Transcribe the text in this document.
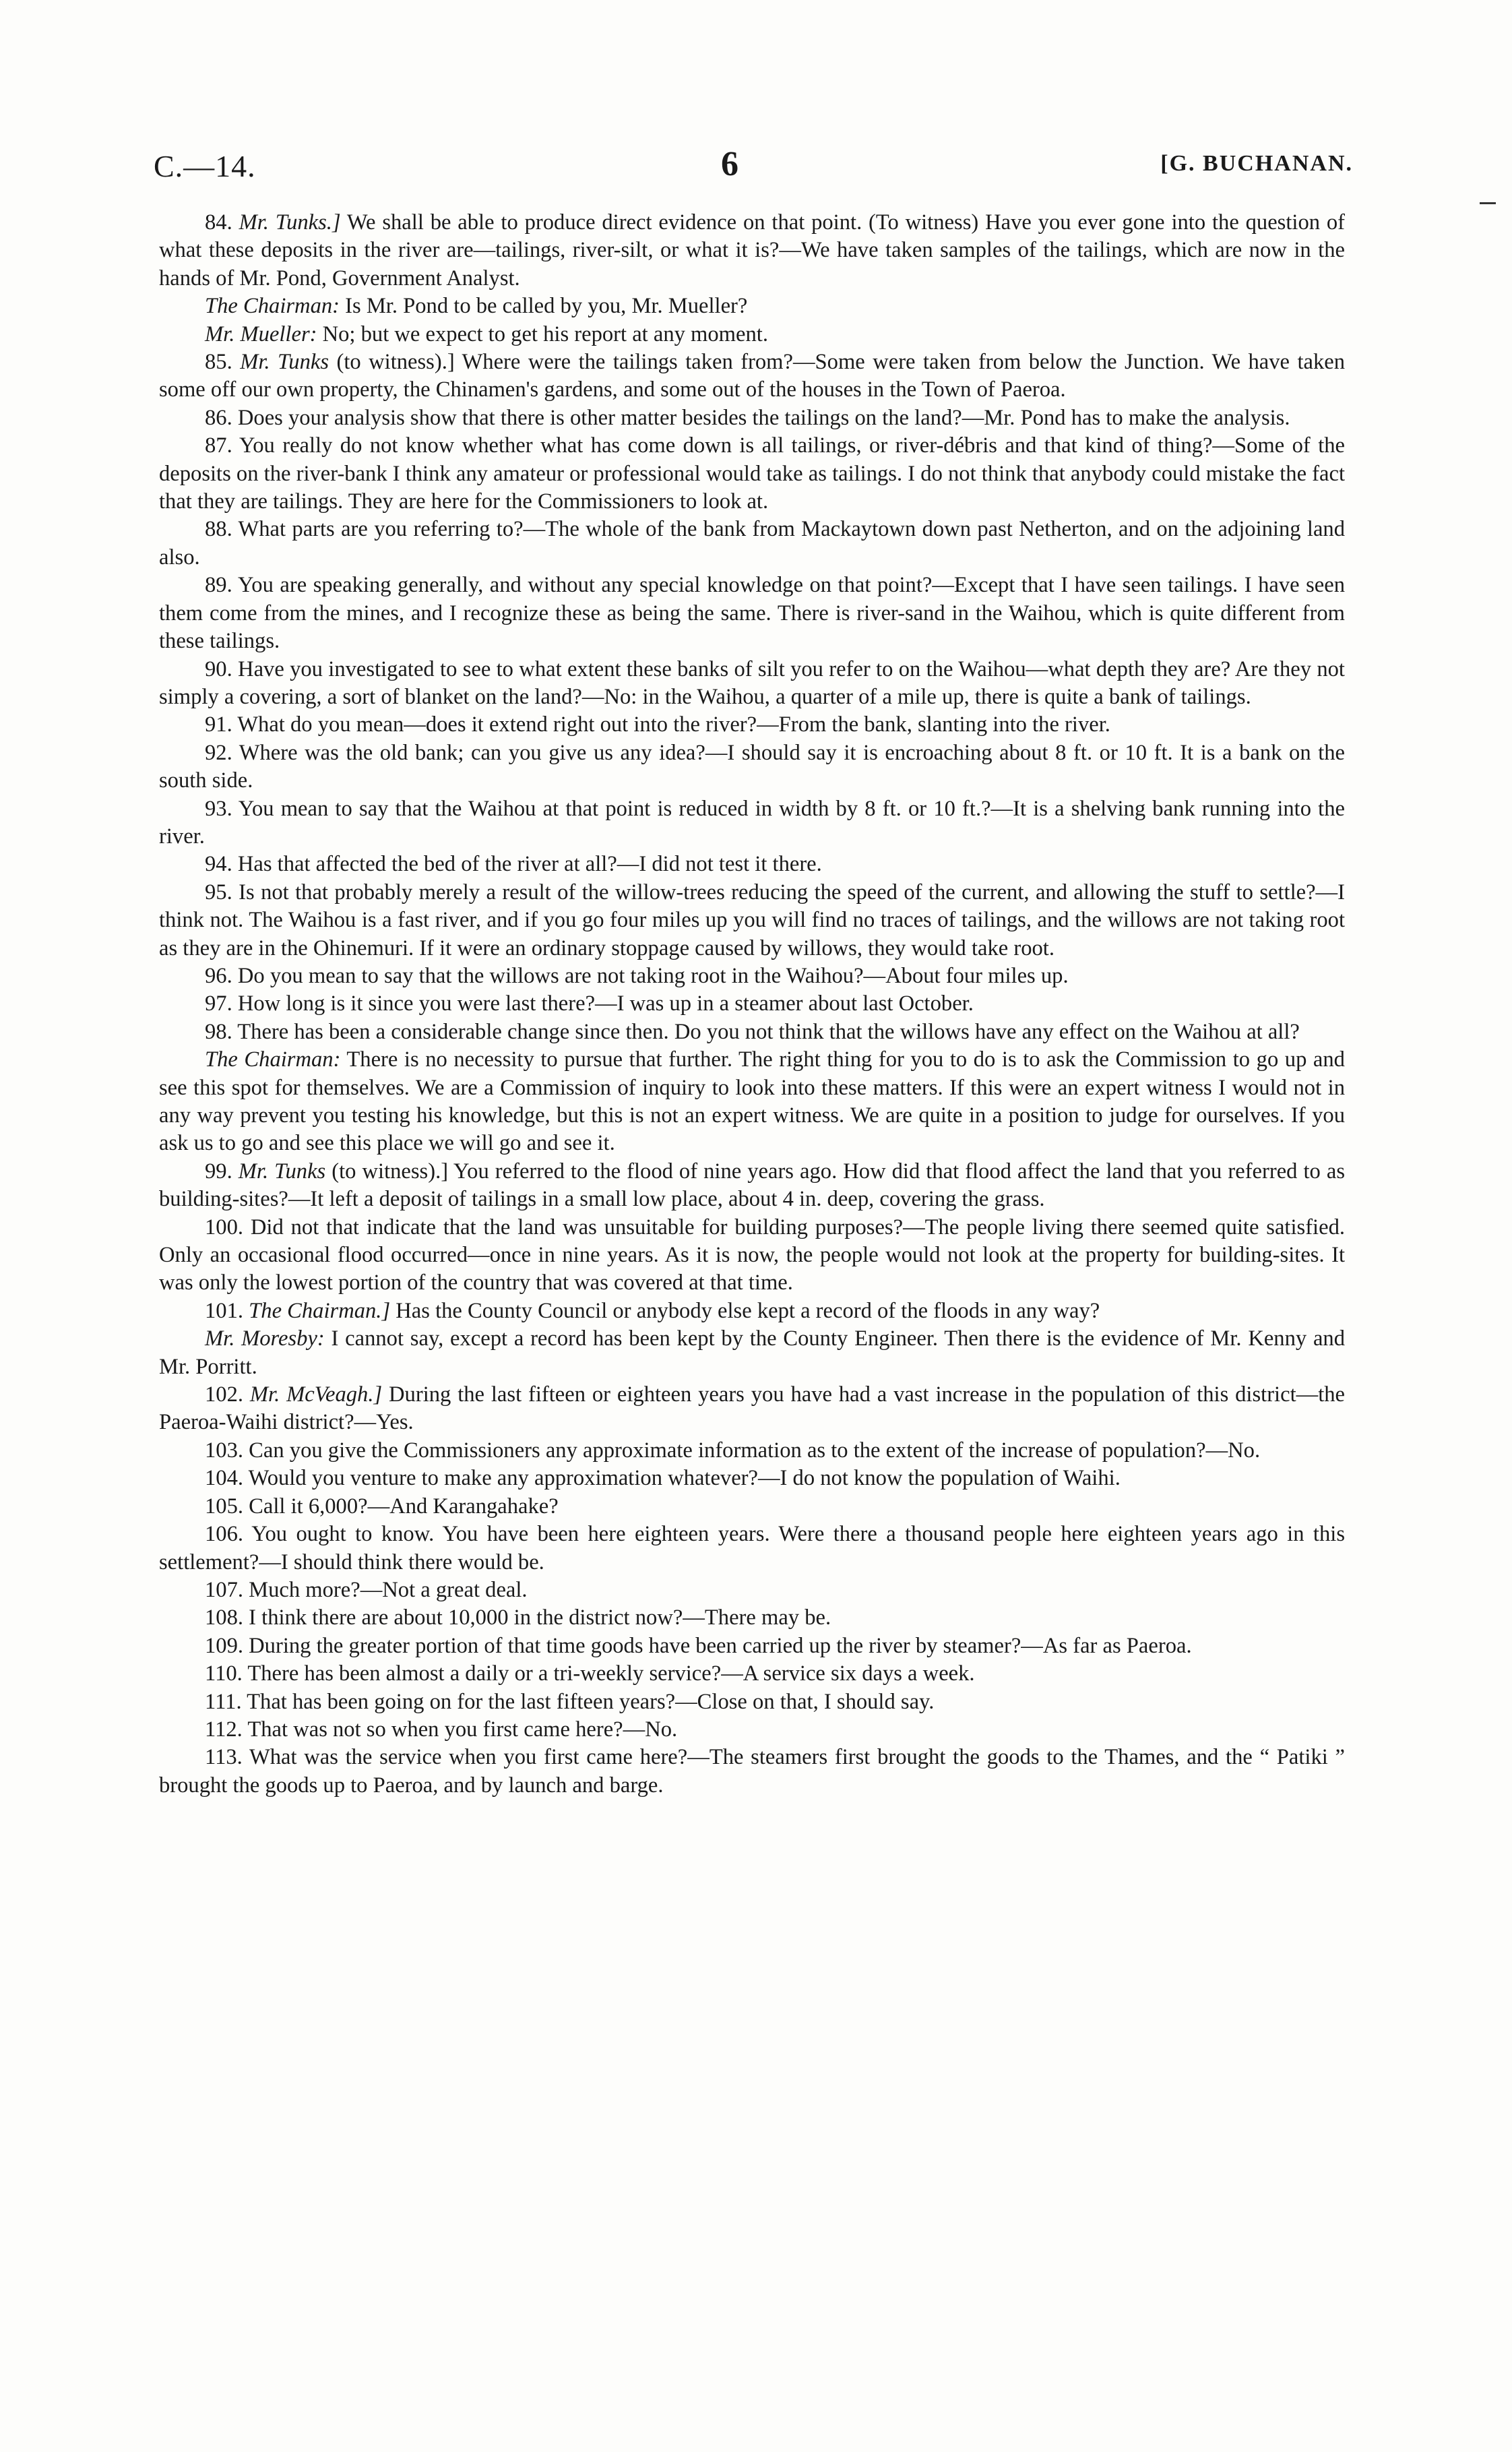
C.—14.	6	[G. BUCHANAN.

84. Mr. Tunks.] We shall be able to produce direct evidence on that point. (To witness) Have you ever gone into the question of what these deposits in the river are—tailings, river-silt, or what it is?—We have taken samples of the tailings, which are now in the hands of Mr. Pond, Government Analyst.

The Chairman: Is Mr. Pond to be called by you, Mr. Mueller?

Mr. Mueller: No; but we expect to get his report at any moment.

85. Mr. Tunks (to witness).] Where were the tailings taken from?—Some were taken from below the Junction. We have taken some off our own property, the Chinamen's gardens, and some out of the houses in the Town of Paeroa.

86. Does your analysis show that there is other matter besides the tailings on the land?—Mr. Pond has to make the analysis.

87. You really do not know whether what has come down is all tailings, or river-débris and that kind of thing?—Some of the deposits on the river-bank I think any amateur or professional would take as tailings. I do not think that anybody could mistake the fact that they are tailings. They are here for the Commissioners to look at.

88. What parts are you referring to?—The whole of the bank from Mackaytown down past Netherton, and on the adjoining land also.

89. You are speaking generally, and without any special knowledge on that point?—Except that I have seen tailings. I have seen them come from the mines, and I recognize these as being the same. There is river-sand in the Waihou, which is quite different from these tailings.

90. Have you investigated to see to what extent these banks of silt you refer to on the Waihou—what depth they are? Are they not simply a covering, a sort of blanket on the land?—No: in the Waihou, a quarter of a mile up, there is quite a bank of tailings.

91. What do you mean—does it extend right out into the river?—From the bank, slanting into the river.

92. Where was the old bank; can you give us any idea?—I should say it is encroaching about 8 ft. or 10 ft. It is a bank on the south side.

93. You mean to say that the Waihou at that point is reduced in width by 8 ft. or 10 ft.?—It is a shelving bank running into the river.

94. Has that affected the bed of the river at all?—I did not test it there.

95. Is not that probably merely a result of the willow-trees reducing the speed of the current, and allowing the stuff to settle?—I think not. The Waihou is a fast river, and if you go four miles up you will find no traces of tailings, and the willows are not taking root as they are in the Ohinemuri. If it were an ordinary stoppage caused by willows, they would take root.

96. Do you mean to say that the willows are not taking root in the Waihou?—About four miles up.

97. How long is it since you were last there?—I was up in a steamer about last October.

98. There has been a considerable change since then. Do you not think that the willows have any effect on the Waihou at all?

The Chairman: There is no necessity to pursue that further. The right thing for you to do is to ask the Commission to go up and see this spot for themselves. We are a Commission of inquiry to look into these matters. If this were an expert witness I would not in any way prevent you testing his knowledge, but this is not an expert witness. We are quite in a position to judge for ourselves. If you ask us to go and see this place we will go and see it.

99. Mr. Tunks (to witness).] You referred to the flood of nine years ago. How did that flood affect the land that you referred to as building-sites?—It left a deposit of tailings in a small low place, about 4 in. deep, covering the grass.

100. Did not that indicate that the land was unsuitable for building purposes?—The people living there seemed quite satisfied. Only an occasional flood occurred—once in nine years. As it is now, the people would not look at the property for building-sites. It was only the lowest portion of the country that was covered at that time.

101. The Chairman.] Has the County Council or anybody else kept a record of the floods in any way?

Mr. Moresby: I cannot say, except a record has been kept by the County Engineer. Then there is the evidence of Mr. Kenny and Mr. Porritt.

102. Mr. McVeagh.] During the last fifteen or eighteen years you have had a vast increase in the population of this district—the Paeroa-Waihi district?—Yes.

103. Can you give the Commissioners any approximate information as to the extent of the increase of population?—No.

104. Would you venture to make any approximation whatever?—I do not know the population of Waihi.

105. Call it 6,000?—And Karangahake?

106. You ought to know. You have been here eighteen years. Were there a thousand people here eighteen years ago in this settlement?—I should think there would be.

107. Much more?—Not a great deal.

108. I think there are about 10,000 in the district now?—There may be.

109. During the greater portion of that time goods have been carried up the river by steamer?—As far as Paeroa.

110. There has been almost a daily or a tri-weekly service?—A service six days a week.

111. That has been going on for the last fifteen years?—Close on that, I should say.

112. That was not so when you first came here?—No.

113. What was the service when you first came here?—The steamers first brought the goods to the Thames, and the “ Patiki ” brought the goods up to Paeroa, and by launch and barge.
